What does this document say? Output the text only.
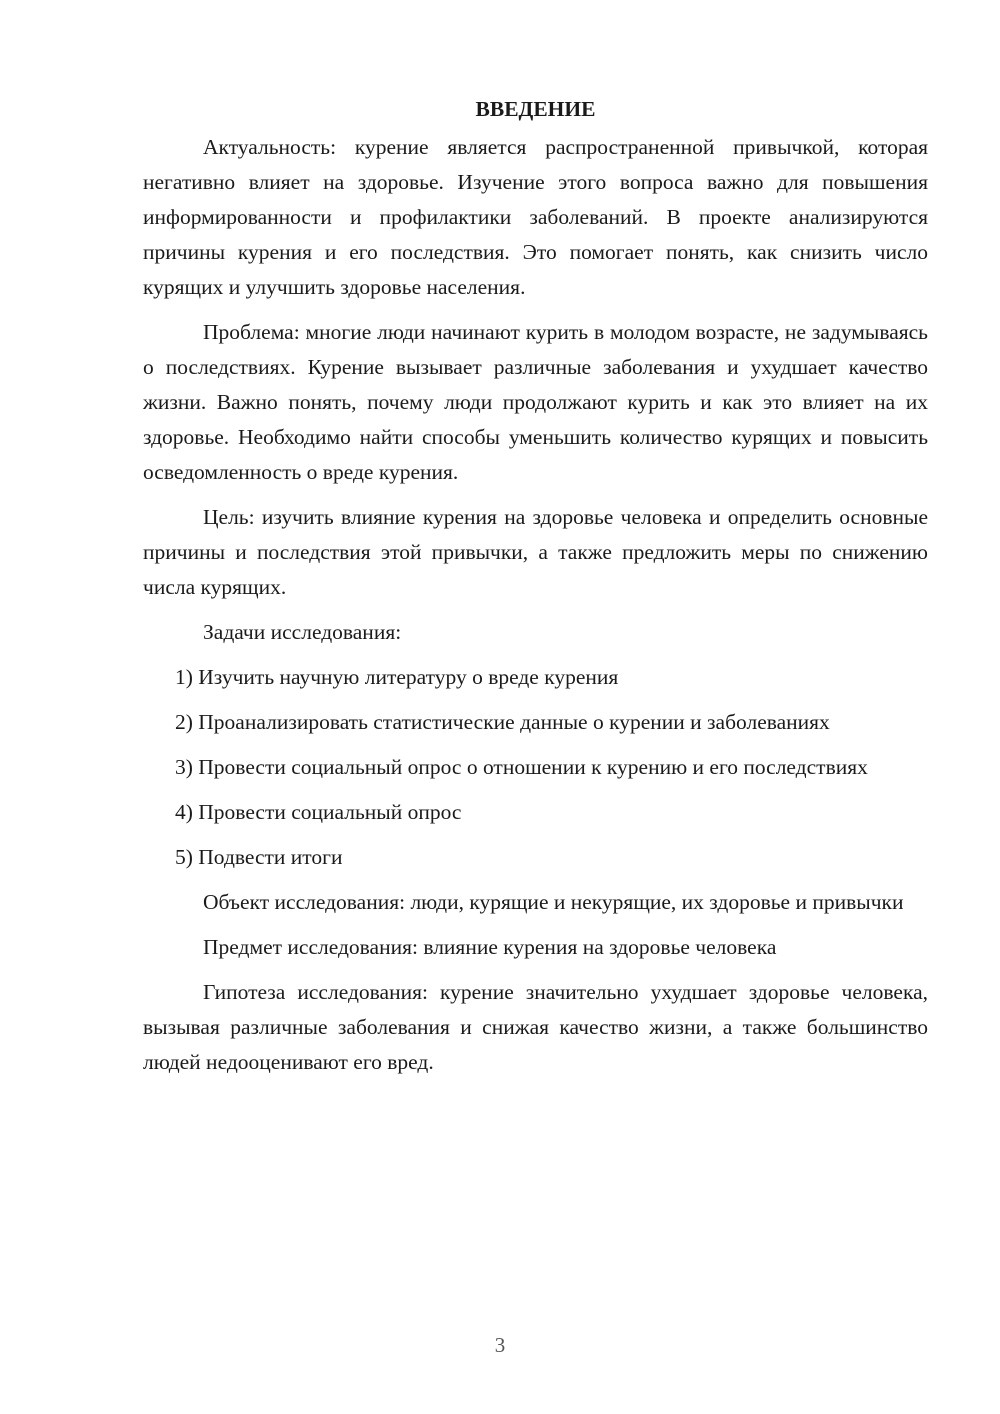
ВВЕДЕНИЕ

Актуальность: курение является распространенной привычкой, которая негативно влияет на здоровье. Изучение этого вопроса важно для повышения информированности и профилактики заболеваний. В проекте анализируются причины курения и его последствия. Это помогает понять, как снизить число курящих и улучшить здоровье населения.

Проблема: многие люди начинают курить в молодом возрасте, не задумываясь о последствиях. Курение вызывает различные заболевания и ухудшает качество жизни. Важно понять, почему люди продолжают курить и как это влияет на их здоровье. Необходимо найти способы уменьшить количество курящих и повысить осведомленность о вреде курения.

Цель: изучить влияние курения на здоровье человека и определить основные причины и последствия этой привычки, а также предложить меры по снижению числа курящих.

Задачи исследования:

1) Изучить научную литературу о вреде курения

2) Проанализировать статистические данные о курении и заболеваниях

3) Провести социальный опрос о отношении к курению и его последствиях

4) Провести социальный опрос

5) Подвести итоги

Объект исследования: люди, курящие и некурящие, их здоровье и привычки

Предмет исследования: влияние курения на здоровье человека

Гипотеза исследования: курение значительно ухудшает здоровье человека, вызывая различные заболевания и снижая качество жизни, а также большинство людей недооценивают его вред.

3
